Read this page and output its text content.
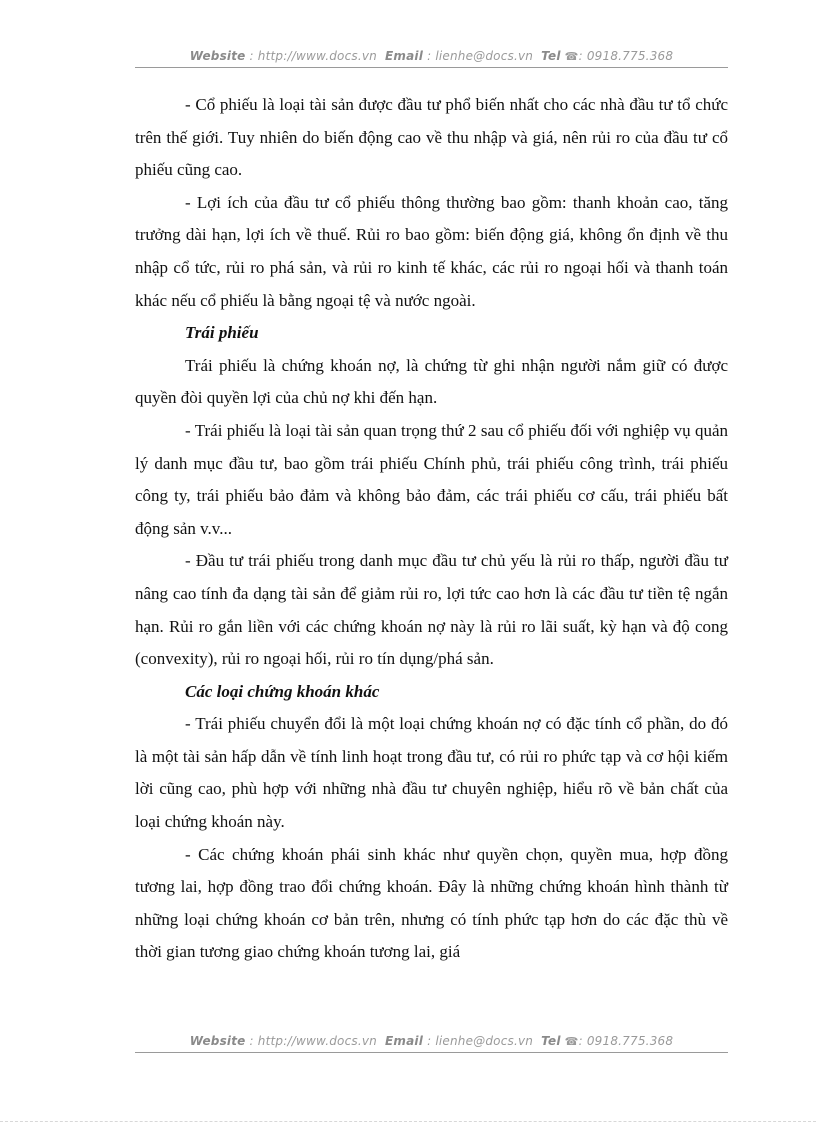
Website : http://www.docs.vn Email : lienhe@docs.vn Tel ☎: 0918.775.368

- Cổ phiếu là loại tài sản được đầu tư phổ biến nhất cho các nhà đầu tư tổ chức trên thế giới. Tuy nhiên do biến động cao về thu nhập và giá, nên rủi ro của đầu tư cổ phiếu cũng cao.

- Lợi ích của đầu tư cổ phiếu thông thường bao gồm: thanh khoản cao, tăng trưởng dài hạn, lợi ích về thuế. Rủi ro bao gồm: biến động giá, không ổn định về thu nhập cổ tức, rủi ro phá sản, và rủi ro kinh tế khác, các rủi ro ngoại hối và thanh toán khác nếu cổ phiếu là bằng ngoại tệ và nước ngoài.

Trái phiếu

Trái phiếu là chứng khoán nợ, là chứng từ ghi nhận người nắm giữ có được quyền đòi quyền lợi của chủ nợ khi đến hạn.

- Trái phiếu là loại tài sản quan trọng thứ 2 sau cổ phiếu đối với nghiệp vụ quản lý danh mục đầu tư, bao gồm trái phiếu Chính phủ, trái phiếu công trình, trái phiếu công ty, trái phiếu bảo đảm và không bảo đảm, các trái phiếu cơ cấu, trái phiếu bất động sản v.v...

- Đầu tư trái phiếu trong danh mục đầu tư chủ yếu là rủi ro thấp, người đầu tư nâng cao tính đa dạng tài sản để giảm rủi ro, lợi tức cao hơn là các đầu tư tiền tệ ngắn hạn. Rủi ro gắn liền với các chứng khoán nợ này là rủi ro lãi suất, kỳ hạn và độ cong (convexity), rủi ro ngoại hối, rủi ro tín dụng/phá sản.

Các loại chứng khoán khác

- Trái phiếu chuyển đổi là một loại chứng khoán nợ có đặc tính cổ phần, do đó là một tài sản hấp dẫn về tính linh hoạt trong đầu tư, có rủi ro phức tạp và cơ hội kiếm lời cũng cao, phù hợp với những nhà đầu tư chuyên nghiệp, hiểu rõ về bản chất của loại chứng khoán này.

- Các chứng khoán phái sinh khác như quyền chọn, quyền mua, hợp đồng tương lai, hợp đồng trao đổi chứng khoán. Đây là những chứng khoán hình thành từ những loại chứng khoán cơ bản trên, nhưng có tính phức tạp hơn do các đặc thù về thời gian tương giao chứng khoán tương lai, giá

Website : http://www.docs.vn Email : lienhe@docs.vn Tel ☎: 0918.775.368
